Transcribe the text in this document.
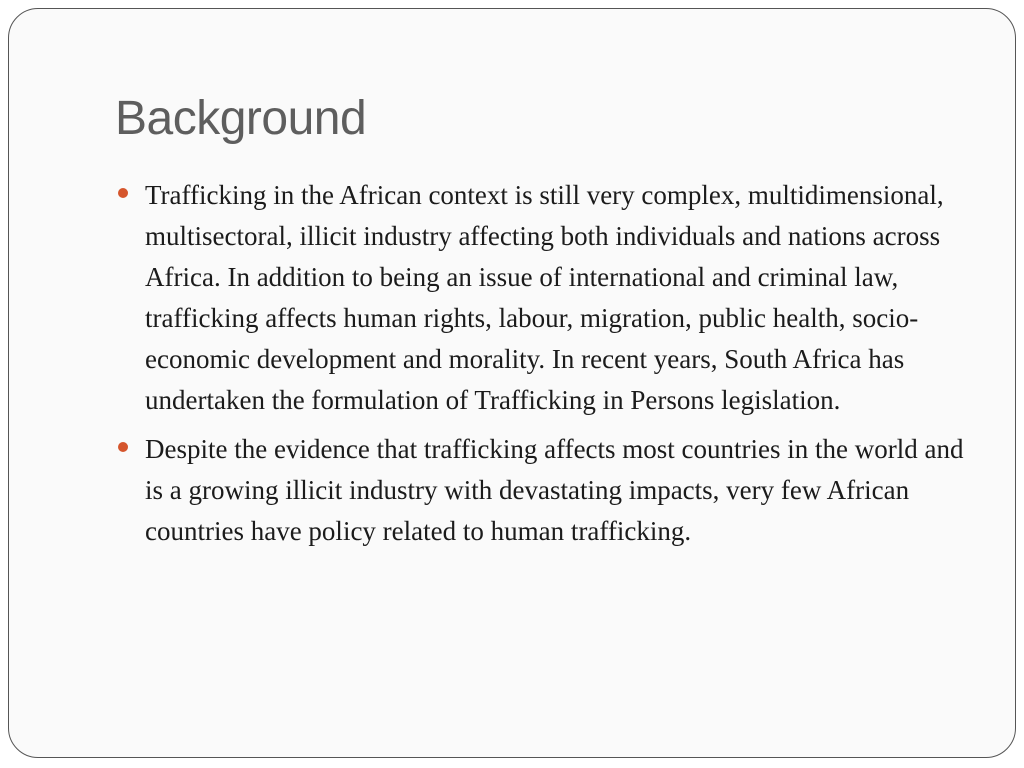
Background
Trafficking in the African context is still very complex, multidimensional, multisectoral, illicit industry affecting both individuals and nations across Africa. In addition to being an issue of international and criminal law, trafficking affects human rights, labour, migration, public health, socio-economic development and morality. In recent years, South Africa has undertaken the formulation of Trafficking in Persons legislation.
Despite the evidence that trafficking affects most countries in the world and is a growing illicit industry with devastating impacts, very few African countries have policy related to human trafficking.
